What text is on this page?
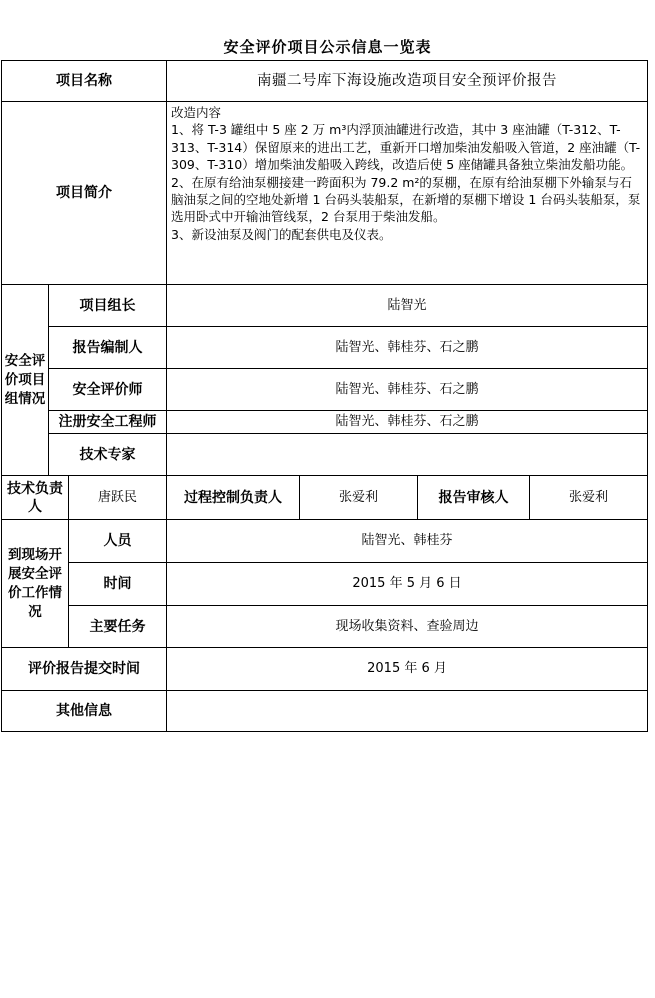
安全评价项目公示信息一览表
项目名称			南疆二号库下海设施改造项目安全预评价报告			
项目简介			改造内容

1、将 T-3 罐组中 5 座 2 万 m³内浮顶油罐进行改造，其中 3 座油罐（T-312、T-313、T-314）保留原来的进出工艺，重新开口增加柴油发船吸入管道，2 座油罐（T-309、T-310）增加柴油发船吸入跨线，改造后使 5 座储罐具备独立柴油发船功能。

2、在原有给油泵棚接建一跨面积为 79.2 m²的泵棚，在原有给油泵棚下外输泵与石脑油泵之间的空地处新增 1 台码头装船泵，在新增的泵棚下增设 1 台码头装船泵，泵选用卧式中开输油管线泵，2 台泵用于柴油发船。

3、新设油泵及阀门的配套供电及仪表。			

安全评价项目组情况	项目组长		陆智光			
	报告编制人		陆智光、韩桂芬、石之鹏			
	安全评价师		陆智光、韩桂芬、石之鹏			
	注册安全工程师		陆智光、韩桂芬、石之鹏			
	技术专家					
技术负责人		唐跃民	过程控制负责人	张爱利	报告审核人	张爱利
到现场开展安全评价工作情况		人员	陆智光、韩桂芬			
		时间	2015 年 5 月 6 日			
		主要任务	现场收集资料、查验周边			
评价报告提交时间			2015 年 6 月			
其他信息						
